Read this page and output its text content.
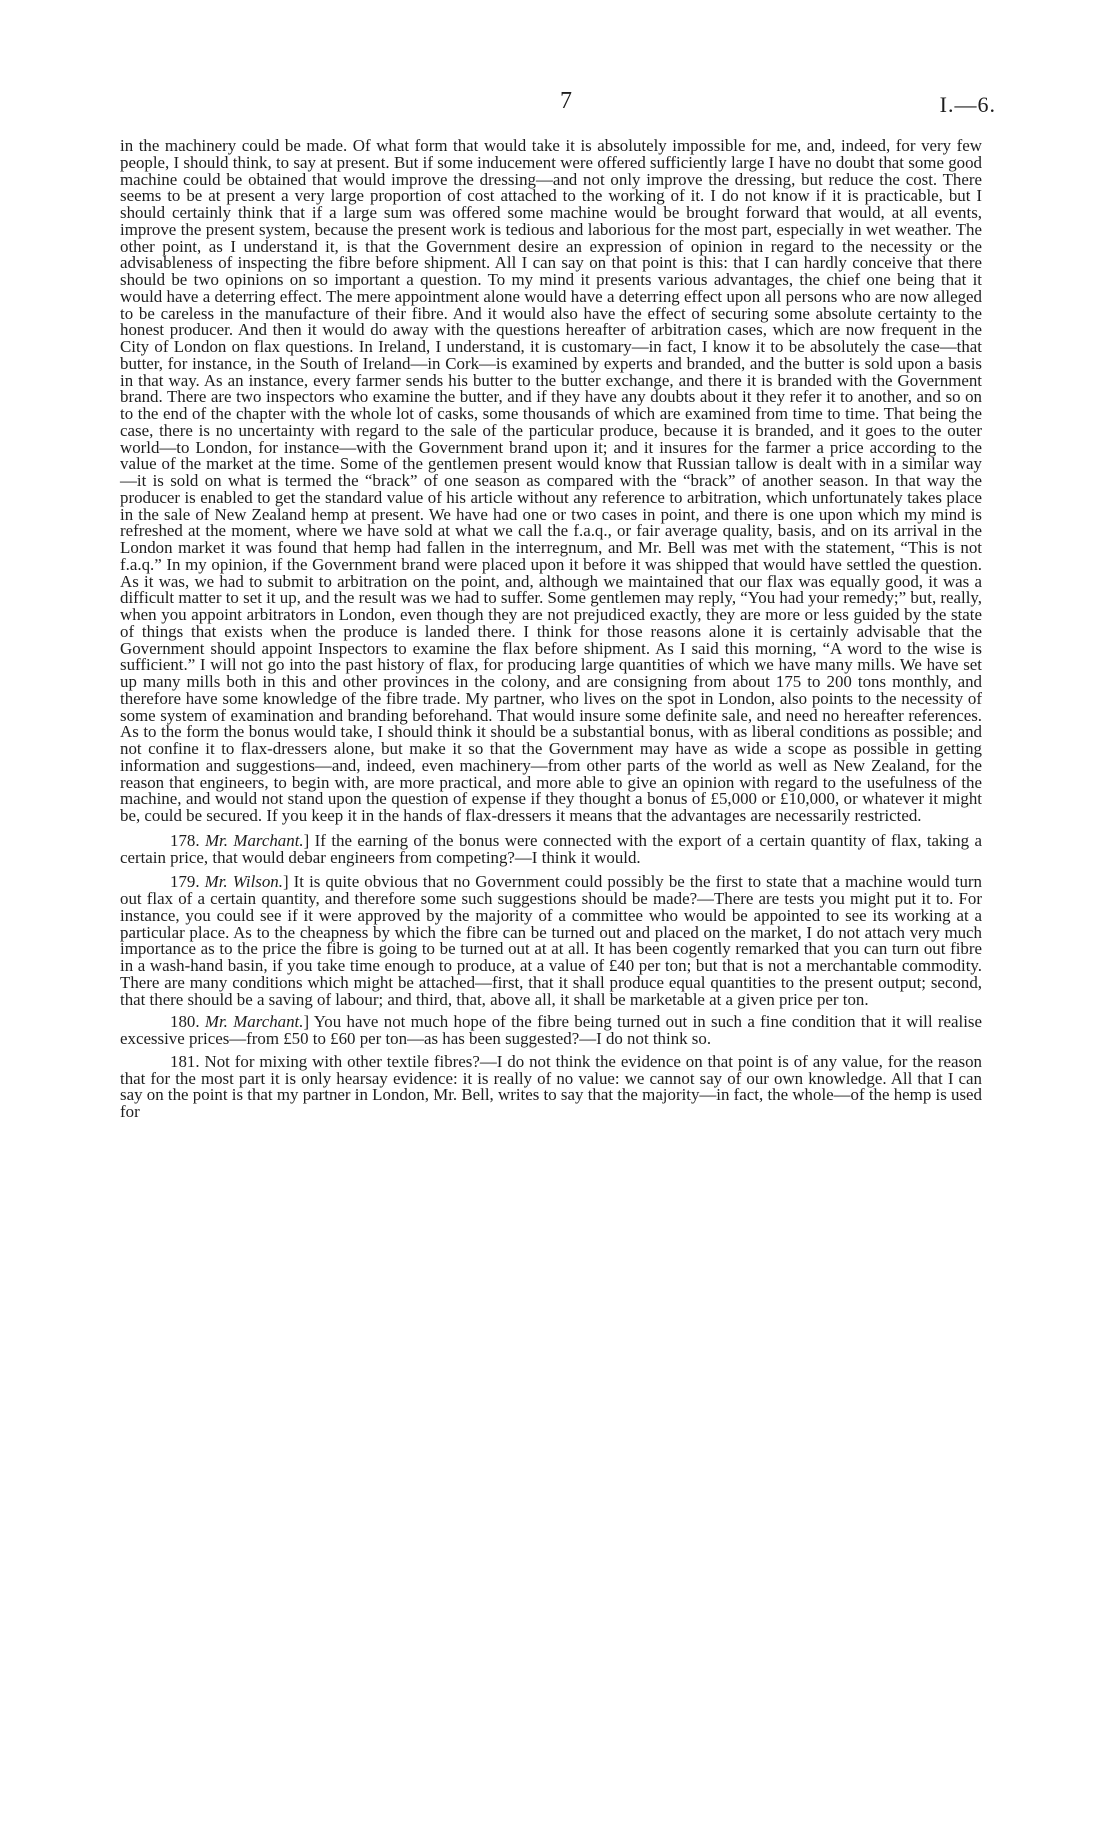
7	I.—6.

in the machinery could be made. Of what form that would take it is absolutely impossible for me, and, indeed, for very few people, I should think, to say at present. But if some inducement were offered sufficiently large I have no doubt that some good machine could be obtained that would improve the dressing—and not only improve the dressing, but reduce the cost. There seems to be at present a very large proportion of cost attached to the working of it. I do not know if it is practicable, but I should certainly think that if a large sum was offered some machine would be brought forward that would, at all events, improve the present system, because the present work is tedious and laborious for the most part, especially in wet weather. The other point, as I understand it, is that the Government desire an expression of opinion in regard to the necessity or the advisableness of inspecting the fibre before shipment. All I can say on that point is this: that I can hardly conceive that there should be two opinions on so important a question. To my mind it presents various advantages, the chief one being that it would have a deterring effect. The mere appointment alone would have a deterring effect upon all persons who are now alleged to be careless in the manufacture of their fibre. And it would also have the effect of securing some absolute certainty to the honest producer. And then it would do away with the questions hereafter of arbitration cases, which are now frequent in the City of London on flax questions. In Ireland, I understand, it is customary—in fact, I know it to be absolutely the case—that butter, for instance, in the South of Ireland—in Cork—is examined by experts and branded, and the butter is sold upon a basis in that way. As an instance, every farmer sends his butter to the butter exchange, and there it is branded with the Government brand. There are two inspectors who examine the butter, and if they have any doubts about it they refer it to another, and so on to the end of the chapter with the whole lot of casks, some thousands of which are examined from time to time. That being the case, there is no uncertainty with regard to the sale of the particular produce, because it is branded, and it goes to the outer world—to London, for instance—with the Government brand upon it; and it insures for the farmer a price according to the value of the market at the time. Some of the gentlemen present would know that Russian tallow is dealt with in a similar way—it is sold on what is termed the “brack” of one season as compared with the “brack” of another season. In that way the producer is enabled to get the standard value of his article without any reference to arbitration, which unfortunately takes place in the sale of New Zealand hemp at present. We have had one or two cases in point, and there is one upon which my mind is refreshed at the moment, where we have sold at what we call the f.a.q., or fair average quality, basis, and on its arrival in the London market it was found that hemp had fallen in the interregnum, and Mr. Bell was met with the statement, “This is not f.a.q.” In my opinion, if the Government brand were placed upon it before it was shipped that would have settled the question. As it was, we had to submit to arbitration on the point, and, although we maintained that our flax was equally good, it was a difficult matter to set it up, and the result was we had to suffer. Some gentlemen may reply, “You had your remedy;” but, really, when you appoint arbitrators in London, even though they are not prejudiced exactly, they are more or less guided by the state of things that exists when the produce is landed there. I think for those reasons alone it is certainly advisable that the Government should appoint Inspectors to examine the flax before shipment. As I said this morning, “A word to the wise is sufficient.” I will not go into the past history of flax, for producing large quantities of which we have many mills. We have set up many mills both in this and other provinces in the colony, and are consigning from about 175 to 200 tons monthly, and therefore have some knowledge of the fibre trade. My partner, who lives on the spot in London, also points to the necessity of some system of examination and branding beforehand. That would insure some definite sale, and need no hereafter references. As to the form the bonus would take, I should think it should be a substantial bonus, with as liberal conditions as possible; and not confine it to flax-dressers alone, but make it so that the Government may have as wide a scope as possible in getting information and suggestions—and, indeed, even machinery—from other parts of the world as well as New Zealand, for the reason that engineers, to begin with, are more practical, and more able to give an opinion with regard to the usefulness of the machine, and would not stand upon the question of expense if they thought a bonus of £5,000 or £10,000, or whatever it might be, could be secured. If you keep it in the hands of flax-dressers it means that the advantages are necessarily restricted.

178. Mr. Marchant.] If the earning of the bonus were connected with the export of a certain quantity of flax, taking a certain price, that would debar engineers from competing?—I think it would.

179. Mr. Wilson.] It is quite obvious that no Government could possibly be the first to state that a machine would turn out flax of a certain quantity, and therefore some such suggestions should be made?—There are tests you might put it to. For instance, you could see if it were approved by the majority of a committee who would be appointed to see its working at a particular place. As to the cheapness by which the fibre can be turned out and placed on the market, I do not attach very much importance as to the price the fibre is going to be turned out at at all. It has been cogently remarked that you can turn out fibre in a wash-hand basin, if you take time enough to produce, at a value of £40 per ton; but that is not a merchantable commodity. There are many conditions which might be attached—first, that it shall produce equal quantities to the present output; second, that there should be a saving of labour; and third, that, above all, it shall be marketable at a given price per ton.

180. Mr. Marchant.] You have not much hope of the fibre being turned out in such a fine condition that it will realise excessive prices—from £50 to £60 per ton—as has been suggested?—I do not think so.

181. Not for mixing with other textile fibres?—I do not think the evidence on that point is of any value, for the reason that for the most part it is only hearsay evidence: it is really of no value: we cannot say of our own knowledge. All that I can say on the point is that my partner in London, Mr. Bell, writes to say that the majority—in fact, the whole—of the hemp is used for
